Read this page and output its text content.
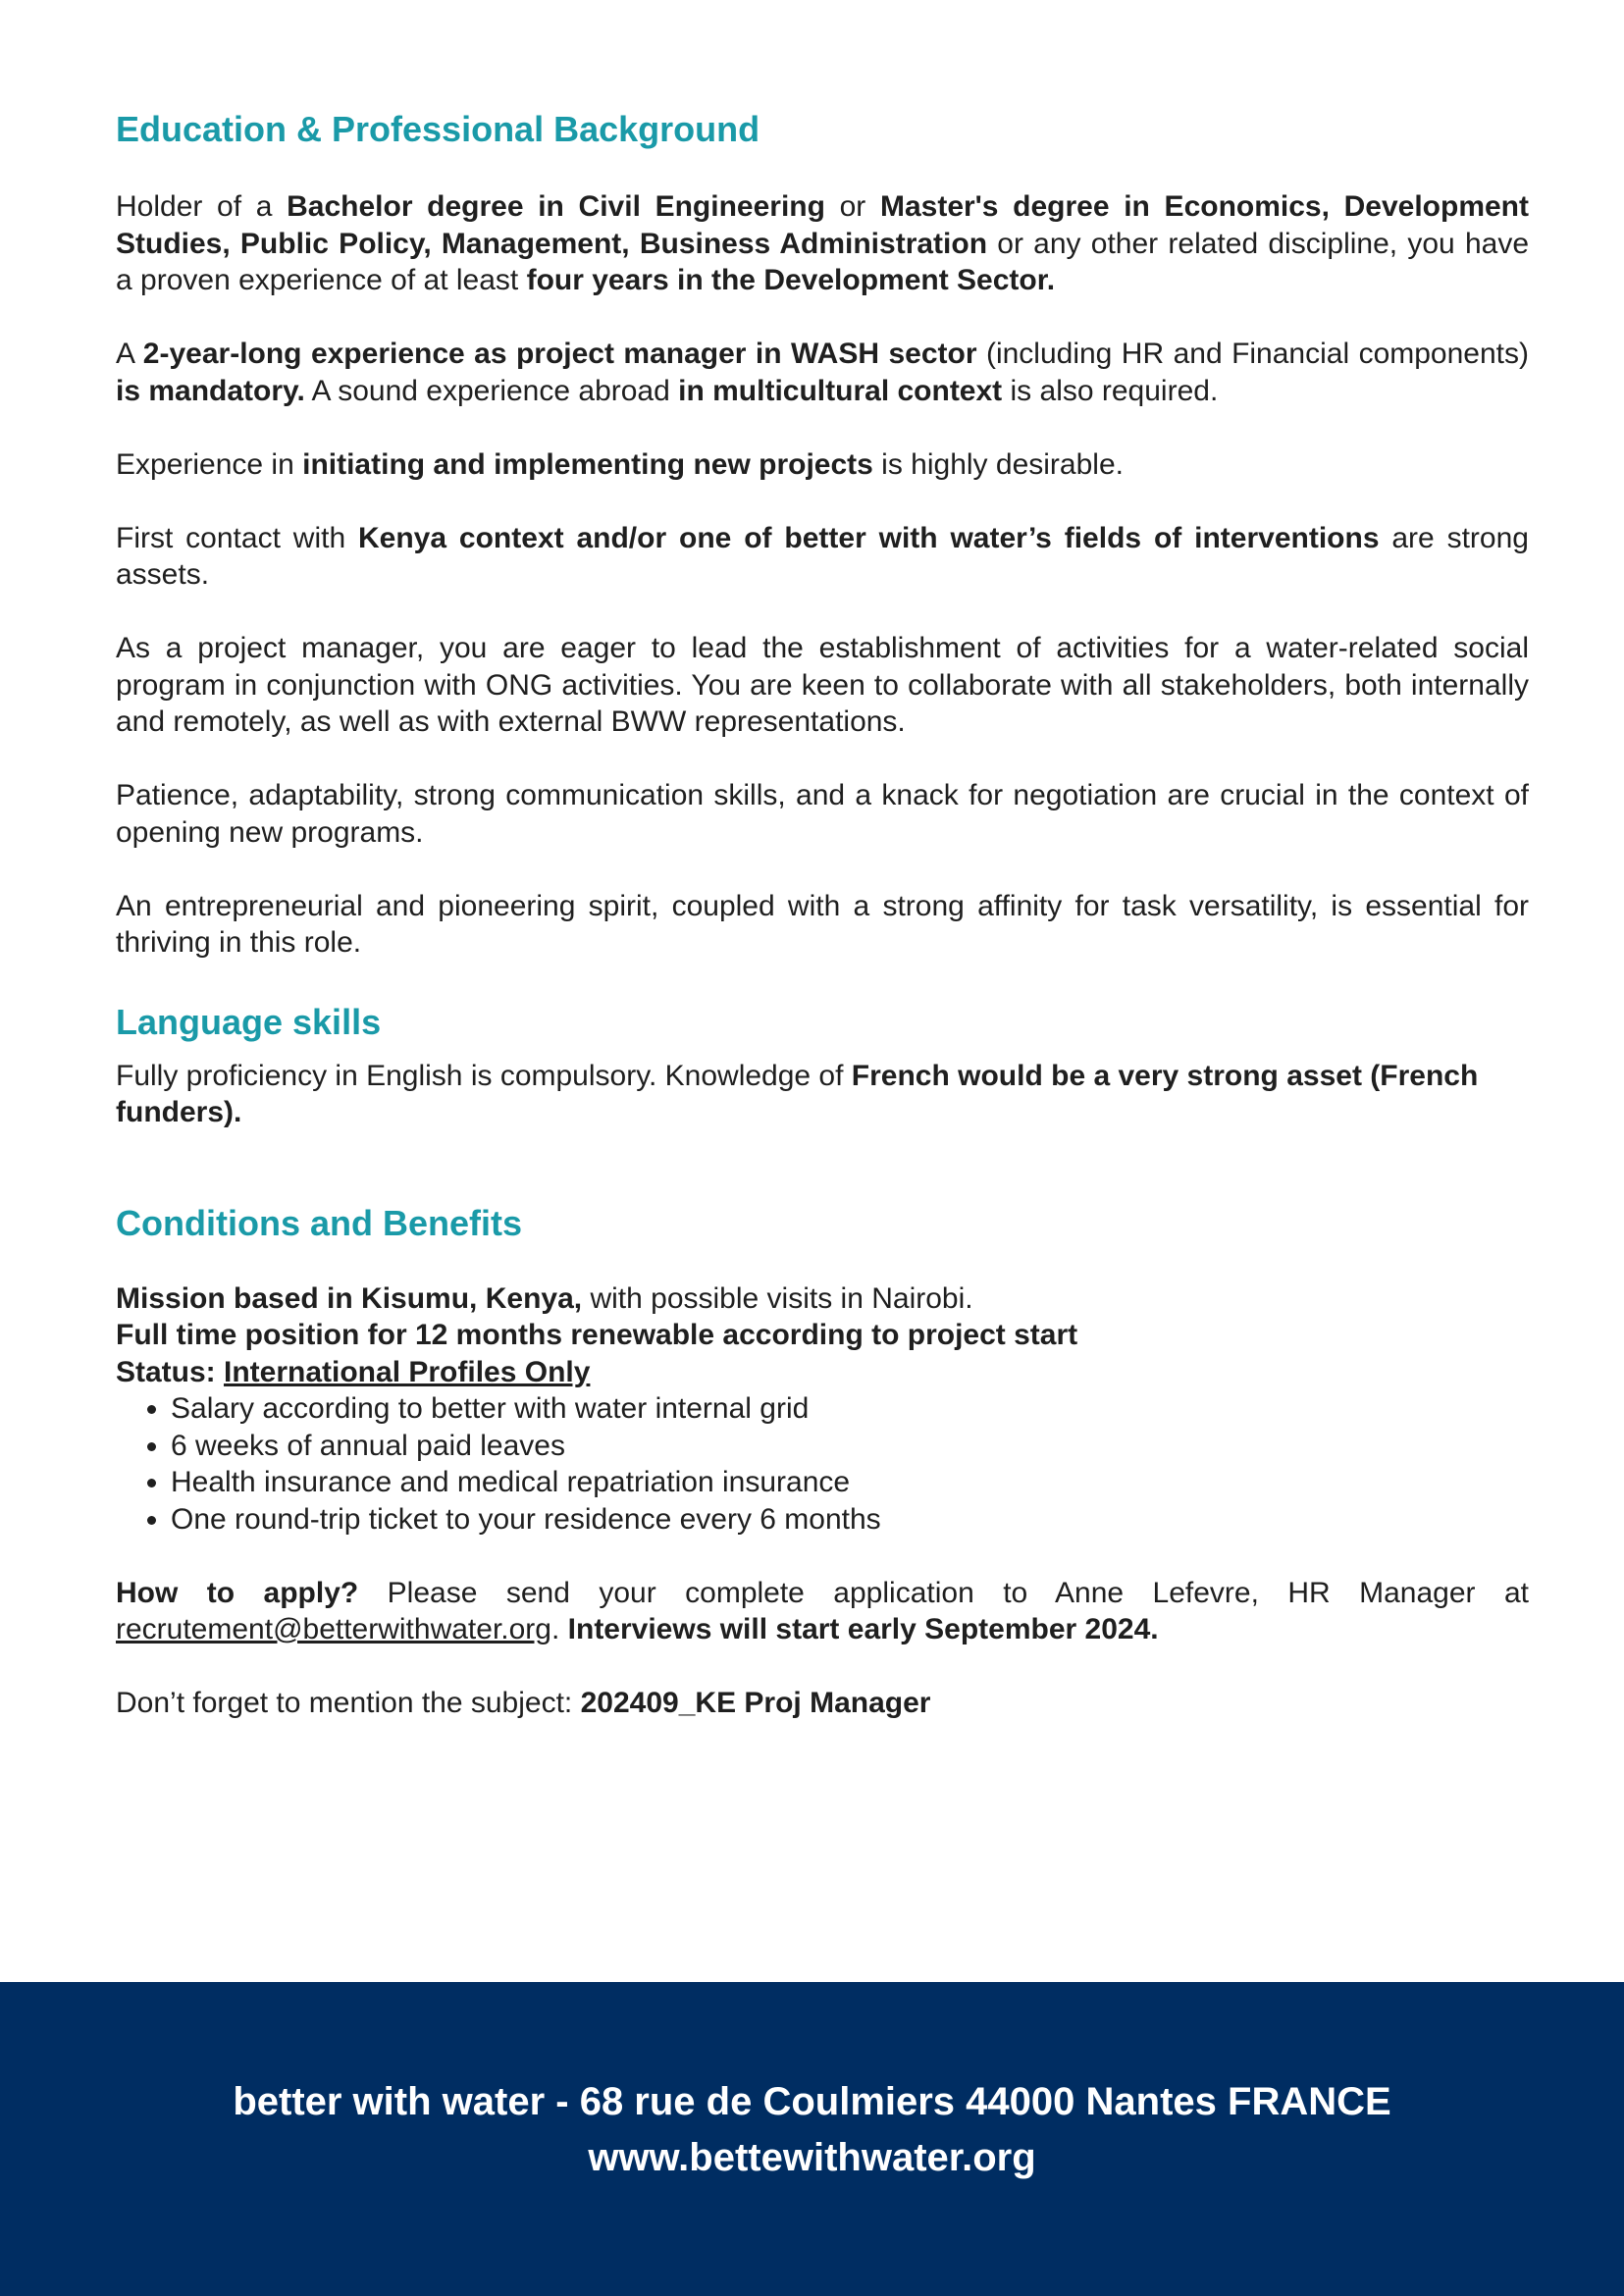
Education & Professional Background

Holder of a Bachelor degree in Civil Engineering or Master's degree in Economics, Development Studies, Public Policy, Management, Business Administration or any other related discipline, you have a proven experience of at least four years in the Development Sector.

A 2-year-long experience as project manager in WASH sector (including HR and Financial components) is mandatory. A sound experience abroad in multicultural context is also required.

Experience in initiating and implementing new projects is highly desirable.

First contact with Kenya context and/or one of better with water’s fields of interventions are strong assets.

As a project manager, you are eager to lead the establishment of activities for a water-related social program in conjunction with ONG activities. You are keen to collaborate with all stakeholders, both internally and remotely, as well as with external BWW representations.

Patience, adaptability, strong communication skills, and a knack for negotiation are crucial in the context of opening new programs.

An entrepreneurial and pioneering spirit, coupled with a strong affinity for task versatility, is essential for thriving in this role.

Language skills

Fully proficiency in English is compulsory. Knowledge of French would be a very strong asset (French funders).

Conditions and Benefits

Mission based in Kisumu, Kenya, with possible visits in Nairobi.

Full time position for 12 months renewable according to project start

Status: International Profiles Only

• Salary according to better with water internal grid
• 6 weeks of annual paid leaves
• Health insurance and medical repatriation insurance
• One round-trip ticket to your residence every 6 months

How to apply? Please send your complete application to Anne Lefevre, HR Manager at recrutement@betterwithwater.org. Interviews will start early September 2024.

Don’t forget to mention the subject: 202409_KE Proj Manager

better with water - 68 rue de Coulmiers 44000 Nantes FRANCE
www.bettewithwater.org
